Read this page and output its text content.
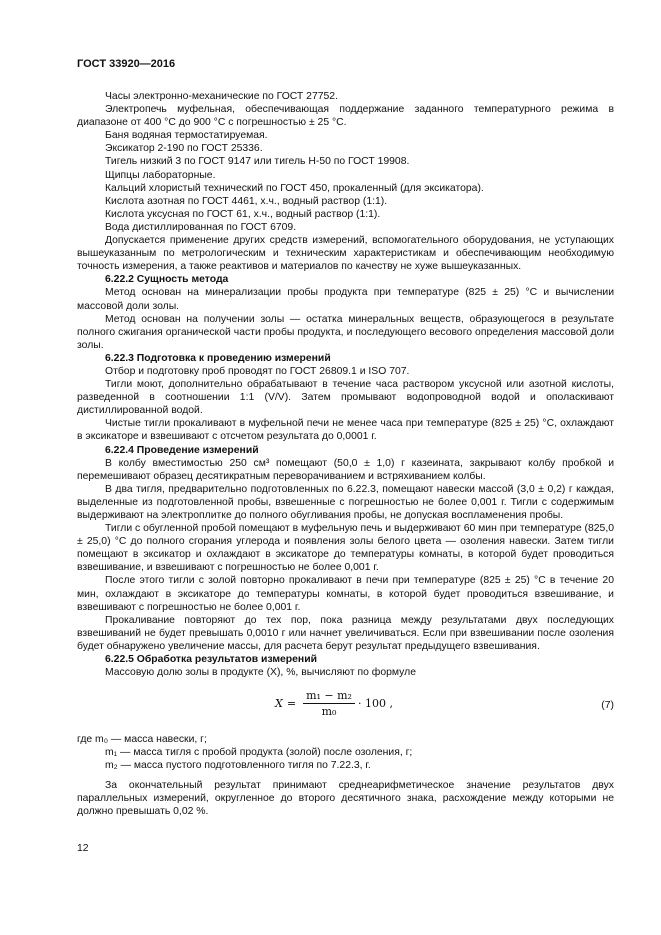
ГОСТ 33920—2016

Часы электронно-механические по ГОСТ 27752.

Электропечь муфельная, обеспечивающая поддержание заданного температурного режима в диапазоне от 400 °С до 900 °С с погрешностью ± 25 °С.

Баня водяная термостатируемая.

Эксикатор 2-190 по ГОСТ 25336.

Тигель низкий 3 по ГОСТ 9147 или тигель Н-50 по ГОСТ 19908.

Щипцы лабораторные.

Кальций хлористый технический по ГОСТ 450, прокаленный (для эксикатора).

Кислота азотная по ГОСТ 4461, х.ч., водный раствор (1:1).

Кислота уксусная по ГОСТ 61, х.ч., водный раствор (1:1).

Вода дистиллированная по ГОСТ 6709.

Допускается применение других средств измерений, вспомогательного оборудования, не уступающих вышеуказанным по метрологическим и техническим характеристикам и обеспечивающим необходимую точность измерения, а также реактивов и материалов по качеству не хуже вышеуказанных.

6.22.2 Сущность метода

Метод основан на минерализации пробы продукта при температуре (825 ± 25) °С и вычислении массовой доли золы.

Метод основан на получении золы — остатка минеральных веществ, образующегося в результате полного сжигания органической части пробы продукта, и последующего весового определения массовой доли золы.

6.22.3 Подготовка к проведению измерений

Отбор и подготовку проб проводят по ГОСТ 26809.1 и ISO 707.

Тигли моют, дополнительно обрабатывают в течение часа раствором уксусной или азотной кислоты, разведенной в соотношении 1:1 (V/V). Затем промывают водопроводной водой и ополаскивают дистиллированной водой.

Чистые тигли прокаливают в муфельной печи не менее часа при температуре (825 ± 25) °С, охлаждают в эксикаторе и взвешивают с отсчетом результата до 0,0001 г.

6.22.4 Проведение измерений

В колбу вместимостью 250 см³ помещают (50,0 ± 1,0) г казеината, закрывают колбу пробкой и перемешивают образец десятикратным переворачиванием и встряхиванием колбы.

В два тигля, предварительно подготовленных по 6.22.3, помещают навески массой (3,0 ± 0,2) г каждая, выделенные из подготовленной пробы, взвешенные с погрешностью не более 0,001 г. Тигли с содержимым выдерживают на электроплитке до полного обугливания пробы, не допуская воспламенения пробы.

Тигли с обугленной пробой помещают в муфельную печь и выдерживают 60 мин при температуре (825,0 ± 25,0) °С до полного сгорания углерода и появления золы белого цвета — озоления навески. Затем тигли помещают в эксикатор и охлаждают в эксикаторе до температуры комнаты, в которой будет проводиться взвешивание, и взвешивают с погрешностью не более 0,001 г.

После этого тигли с золой повторно прокаливают в печи при температуре (825 ± 25) °С в течение 20 мин, охлаждают в эксикаторе до температуры комнаты, в которой будет проводиться взвешивание, и взвешивают с погрешностью не более 0,001 г.

Прокаливание повторяют до тех пор, пока разница между результатами двух последующих взвешиваний не будет превышать 0,0010 г или начнет увеличиваться. Если при взвешивании после озоления будет обнаружено увеличение массы, для расчета берут результат предыдущего взвешивания.

6.22.5 Обработка результатов измерений

Массовую долю золы в продукте (X), %, вычисляют по формуле

$X = \frac{\text{m₁ − m₂}}{\text{m₀}} \cdot 100$ ,	(7)

где m₀ — масса навески, г;

m₁ — масса тигля с пробой продукта (золой) после озоления, г;

m₂ — масса пустого подготовленного тигля по 7.22.3, г.

За окончательный результат принимают среднеарифметическое значение результатов двух параллельных измерений, округленное до второго десятичного знака, расхождение между которыми не должно превышать 0,02 %.

12
